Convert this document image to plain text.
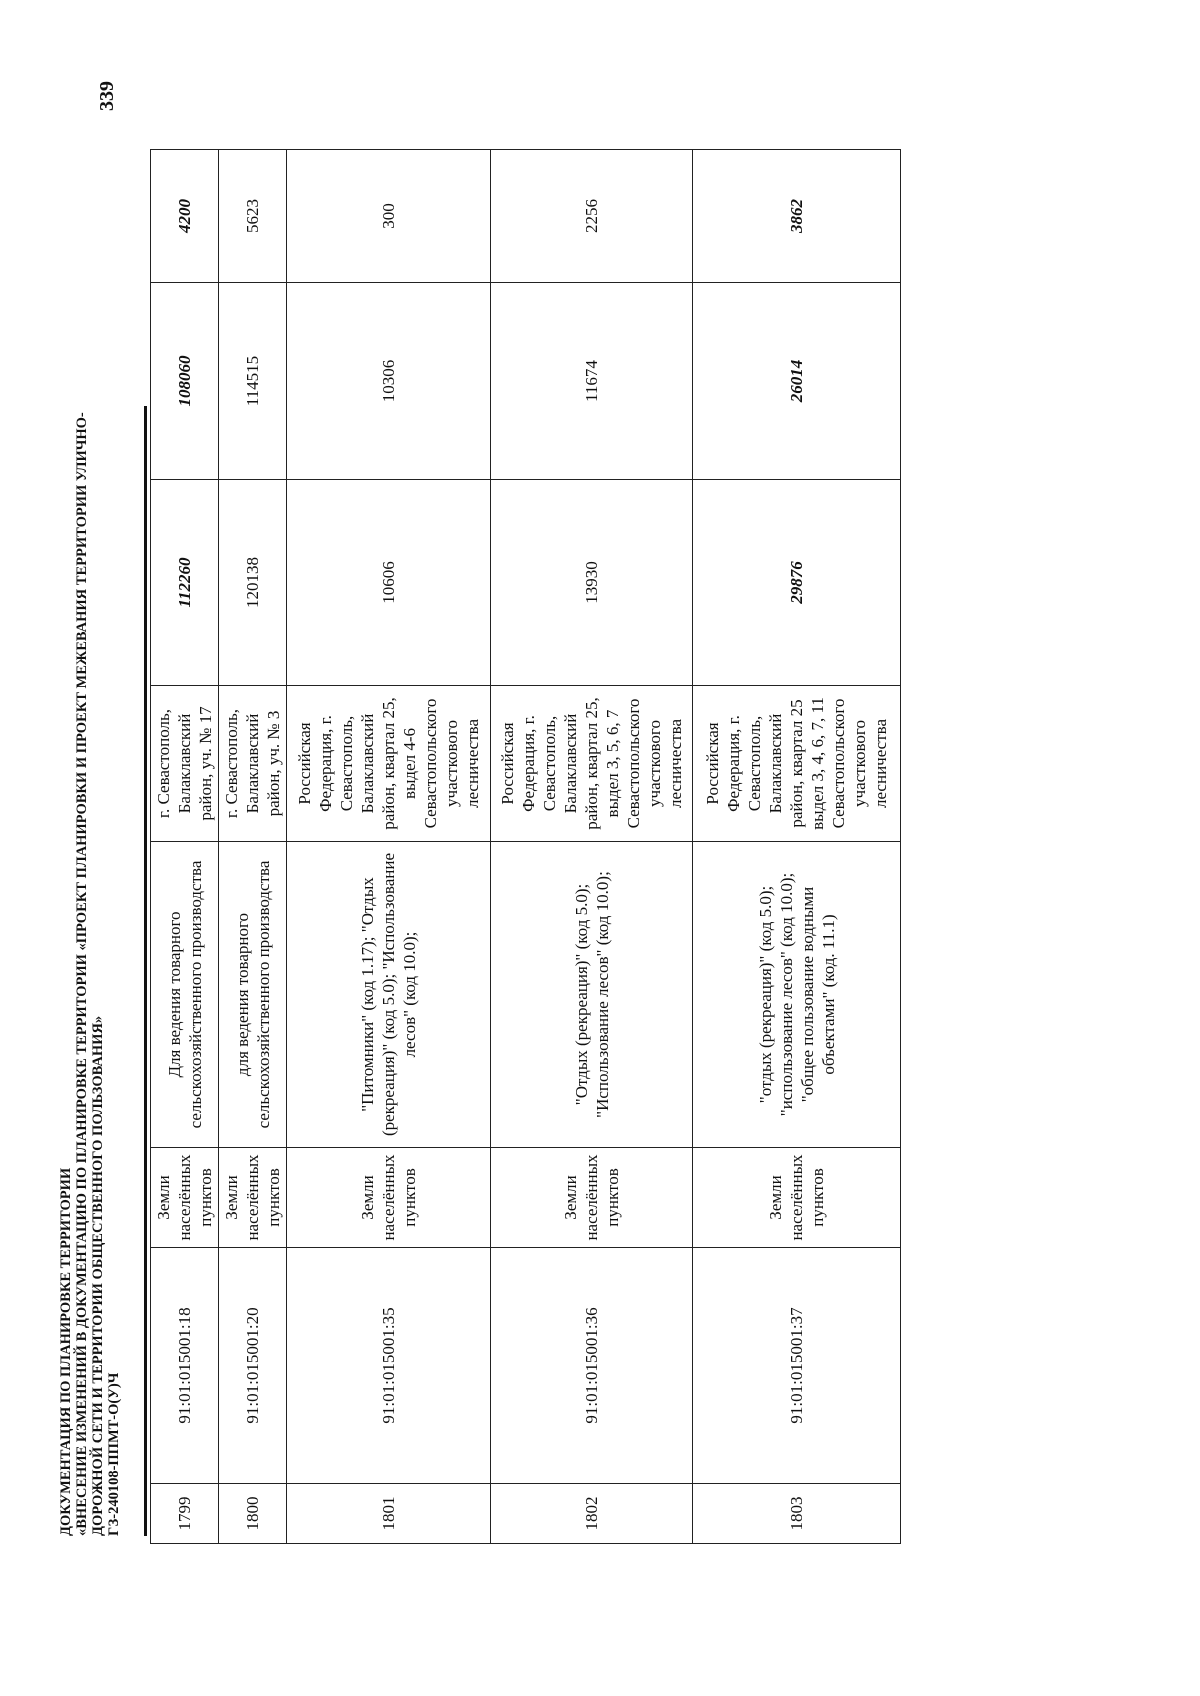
ДОКУМЕНТАЦИЯ ПО ПЛАНИРОВКЕ ТЕРРИТОРИИ «ВНЕСЕНИЕ ИЗМЕНЕНИЙ В ДОКУМЕНТАЦИЮ ПО ПЛАНИРОВКЕ ТЕРРИТОРИИ «ПРОЕКТ ПЛАНИРОВКИ И ПРОЕКТ МЕЖЕВАНИЯ ТЕРРИТОРИИ УЛИЧНО- ДОРОЖНОЙ СЕТИ И ТЕРРИТОРИИ ОБЩЕСТВЕННОГО ПОЛЬЗОВАНИЯ» ГЗ-240108-ППМТ-О(У)Ч
339
1799	91:01:015001:18	Земли населённых пунктов	Для ведения товарного сельскохозяйственного производства	г. Севастополь, Балаклавский район, уч. № 17	112260	108060	4200
1800	91:01:015001:20	Земли населённых пунктов	для ведения товарного сельскохозяйственного производства	г. Севастополь, Балаклавский район, уч. № 3	120138	114515	5623
1801	91:01:015001:35	Земли населённых пунктов	"Питомники" (код 1.17); "Отдых (рекреация)" (код 5.0); "Использование лесов" (код 10.0);	Российская Федерация, г. Севастополь, Балаклавский район, квартал 25, выдел 4-6 Севастопольского участкового лесничества	10606	10306	300
1802	91:01:015001:36	Земли населённых пунктов	"Отдых (рекреация)" (код 5.0); "Использование лесов" (код 10.0);	Российская Федерация, г. Севастополь, Балаклавский район, квартал 25, выдел 3, 5, 6, 7 Севастопольского участкового лесничества	13930	11674	2256
1803	91:01:015001:37	Земли населённых пунктов	"отдых (рекреация)" (код 5.0); "использование лесов" (код 10.0); "общее пользование водными объектами" (код. 11.1)	Российская Федерация, г. Севастополь, Балаклавский район, квартал 25 выдел 3, 4, 6, 7, 11 Севастопольского участкового лесничества	29876	26014	3862
